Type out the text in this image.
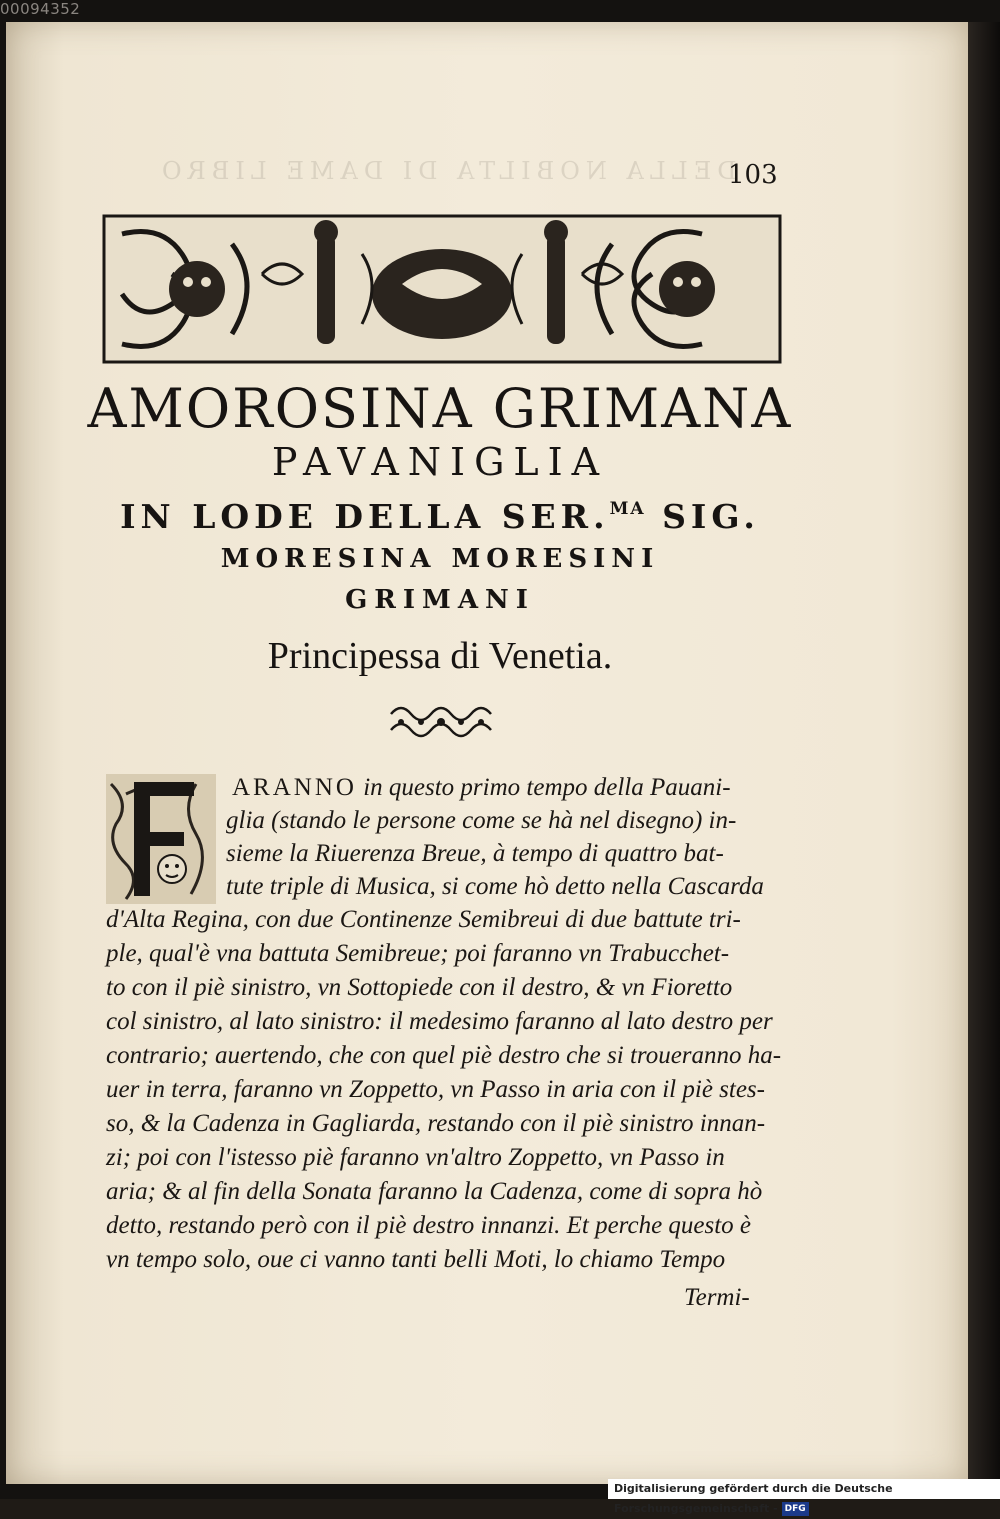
00094352
DELLA NOBILTA DI DAME LIBRO
103
AMOROSINA GRIMANA
PAVANIGLIA
IN LODE DELLA SER.$^{MA}$ SIG.
MORESINA MORESINI
GRIMANI
Principessa di Venetia.
F	ARANNO in questo primo tempo della Pauani-
glia (stando le persone come se hà nel disegno) in-
sieme la Riuerenza Breue, à tempo di quattro bat-
tute triple di Musica, si come hò detto nella Cascarda
d'Alta Regina, con due Continenze Semibreui di due battute tri-
ple, qual'è vna battuta Semibreue; poi faranno vn Trabucchet-
to con il piè sinistro, vn Sottopiede con il destro, & vn Fioretto
col sinistro, al lato sinistro: il medesimo faranno al lato destro per
contrario; auertendo, che con quel piè destro che si troueranno ha-
uer in terra, faranno vn Zoppetto, vn Passo in aria con il piè stes-
so, & la Cadenza in Gagliarda, restando con il piè sinistro innan-
zi; poi con l'istesso piè faranno vn'altro Zoppetto, vn Passo in
aria; & al fin della Sonata faranno la Cadenza, come di sopra hò
detto, restando però con il piè destro innanzi. Et perche questo è
vn tempo solo, oue ci vanno tanti belli Moti, lo chiamo Tempo
Termi-
Digitalisierung gefördert durch die Deutsche Forschungsgemeinschaft - DFG
